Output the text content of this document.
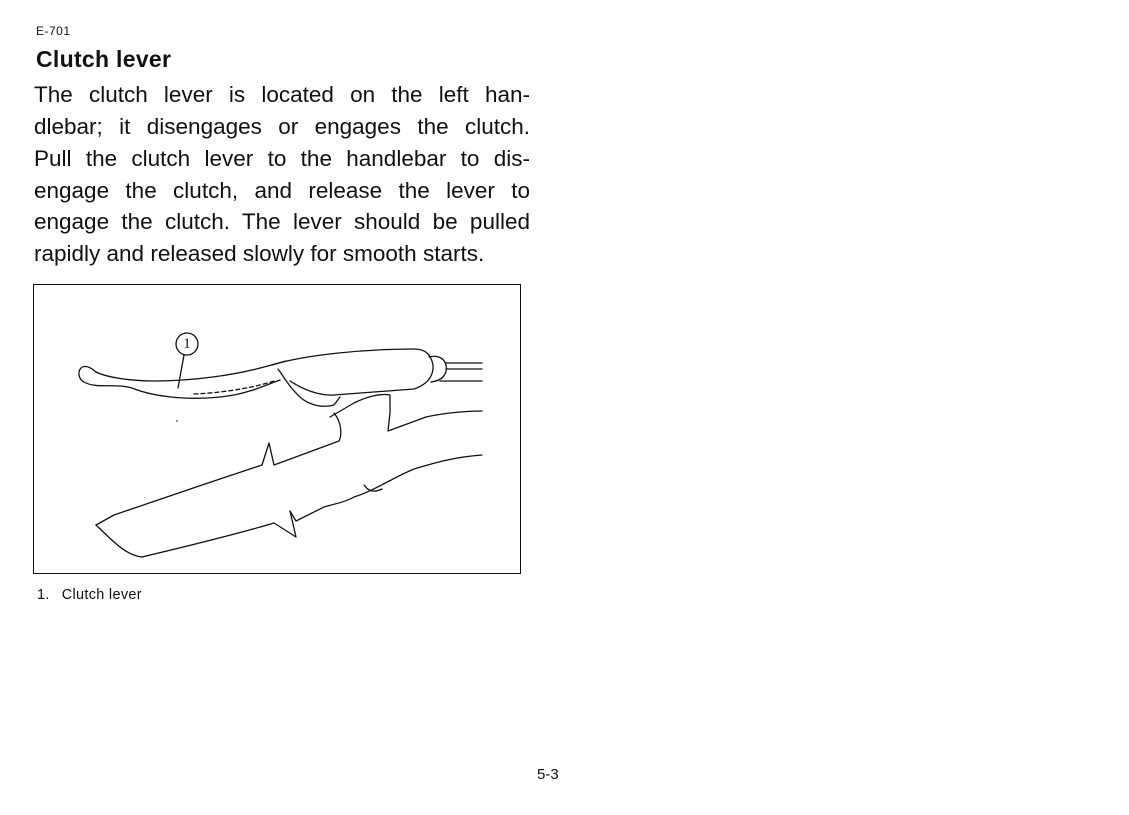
E-701
Clutch lever
The clutch lever is located on the left han-
dlebar; it disengages or engages the clutch.
Pull the clutch lever to the handlebar to dis-
engage the clutch, and release the lever to
engage the clutch. The lever should be pulled
rapidly and released slowly for smooth starts.
1
1. Clutch lever
5-3
